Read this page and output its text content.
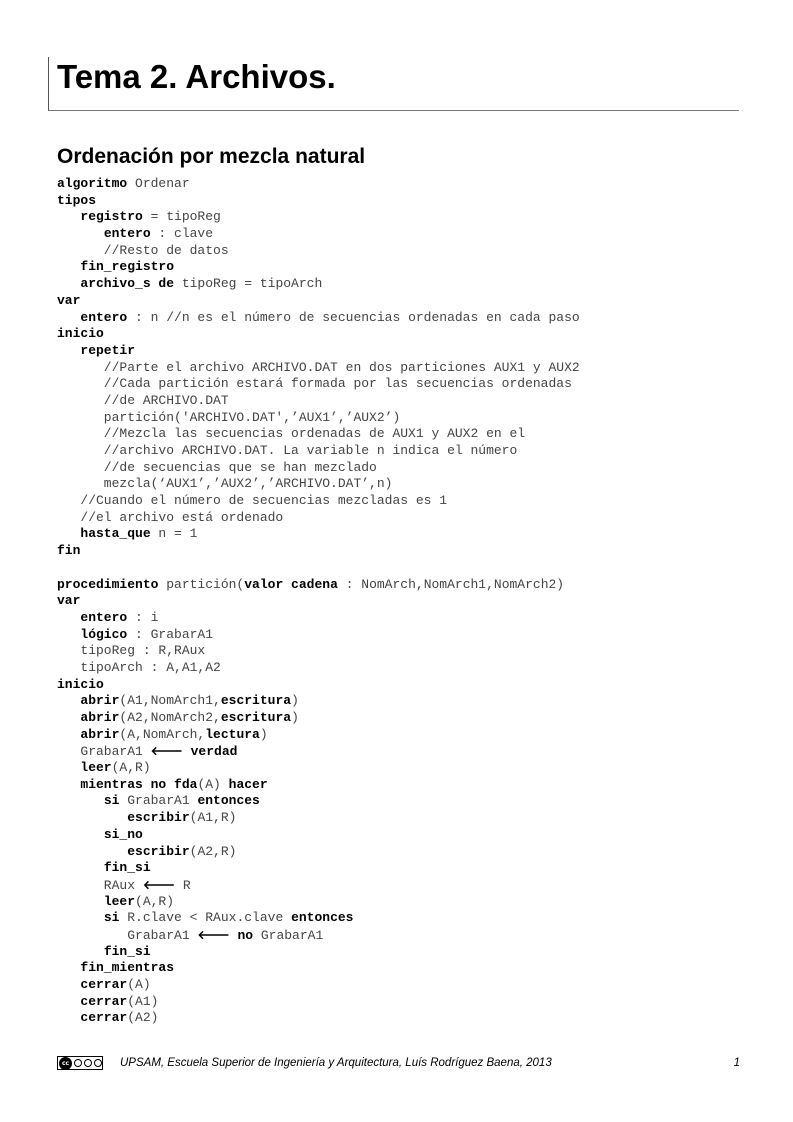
Tema 2. Archivos.
Ordenación por mezcla natural
algoritmo Ordenar
tipos
registro = tipoReg
entero : clave
//Resto de datos
fin_registro
archivo_s de tipoReg = tipoArch
var
entero : n //n es el número de secuencias ordenadas en cada paso
inicio
repetir
//Parte el archivo ARCHIVO.DAT en dos particiones AUX1 y AUX2
//Cada partición estará formada por las secuencias ordenadas
//de ARCHIVO.DAT
partición('ARCHIVO.DAT',’AUX1’,’AUX2’)
//Mezcla las secuencias ordenadas de AUX1 y AUX2 en el
//archivo ARCHIVO.DAT. La variable n indica el número
//de secuencias que se han mezclado
mezcla(‘AUX1’,’AUX2’,’ARCHIVO.DAT’,n)
//Cuando el número de secuencias mezcladas es 1
//el archivo está ordenado
hasta_que n = 1
fin
procedimiento partición(valor cadena : NomArch,NomArch1,NomArch2)
var
entero : i
lógico : GrabarA1
tipoReg : R,RAux
tipoArch : A,A1,A2
inicio
abrir(A1,NomArch1,escritura)
abrir(A2,NomArch2,escritura)
abrir(A,NomArch,lectura)
GrabarA1 🡐 verdad
leer(A,R)
mientras no fda(A) hacer
si GrabarA1 entonces
escribir(A1,R)
si_no
escribir(A2,R)
fin_si
RAux 🡐 R
leer(A,R)
si R.clave < RAux.clave entonces
GrabarA1 🡐 no GrabarA1
fin_si
fin_mientras
cerrar(A)
cerrar(A1)
cerrar(A2)
cc	UPSAM, Escuela Superior de Ingeniería y Arquitectura, Luís Rodríguez Baena, 2013	1
